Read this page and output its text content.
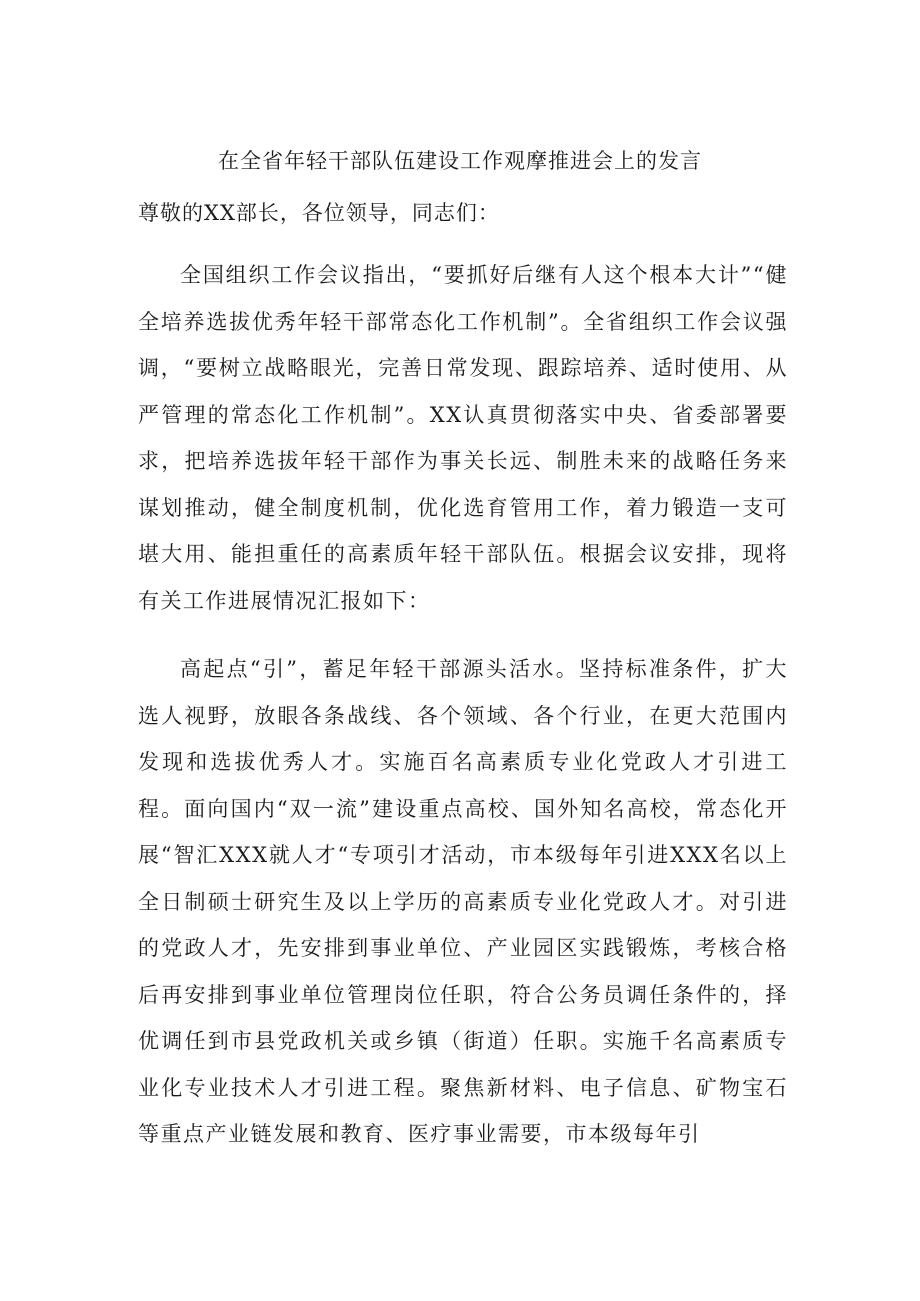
在全省年轻干部队伍建设工作观摩推进会上的发言

尊敬的XX部长，各位领导，同志们：

全国组织工作会议指出，“要抓好后继有人这个根本大计”“健全培养选拔优秀年轻干部常态化工作机制”。全省组织工作会议强调，“要树立战略眼光，完善日常发现、跟踪培养、适时使用、从严管理的常态化工作机制”。XX认真贯彻落实中央、省委部署要求，把培养选拔年轻干部作为事关长远、制胜未来的战略任务来谋划推动，健全制度机制，优化选育管用工作，着力锻造一支可堪大用、能担重任的高素质年轻干部队伍。根据会议安排，现将有关工作进展情况汇报如下：

高起点“引”，蓄足年轻干部源头活水。坚持标准条件，扩大选人视野，放眼各条战线、各个领域、各个行业，在更大范围内发现和选拔优秀人才。实施百名高素质专业化党政人才引进工程。面向国内“双一流”建设重点高校、国外知名高校，常态化开展“智汇XXX就人才“专项引才活动，市本级每年引进XXX名以上全日制硕士研究生及以上学历的高素质专业化党政人才。对引进的党政人才，先安排到事业单位、产业园区实践锻炼，考核合格后再安排到事业单位管理岗位任职，符合公务员调任条件的，择优调任到市县党政机关或乡镇（街道）任职。实施千名高素质专业化专业技术人才引进工程。聚焦新材料、电子信息、矿物宝石等重点产业链发展和教育、医疗事业需要，市本级每年引
